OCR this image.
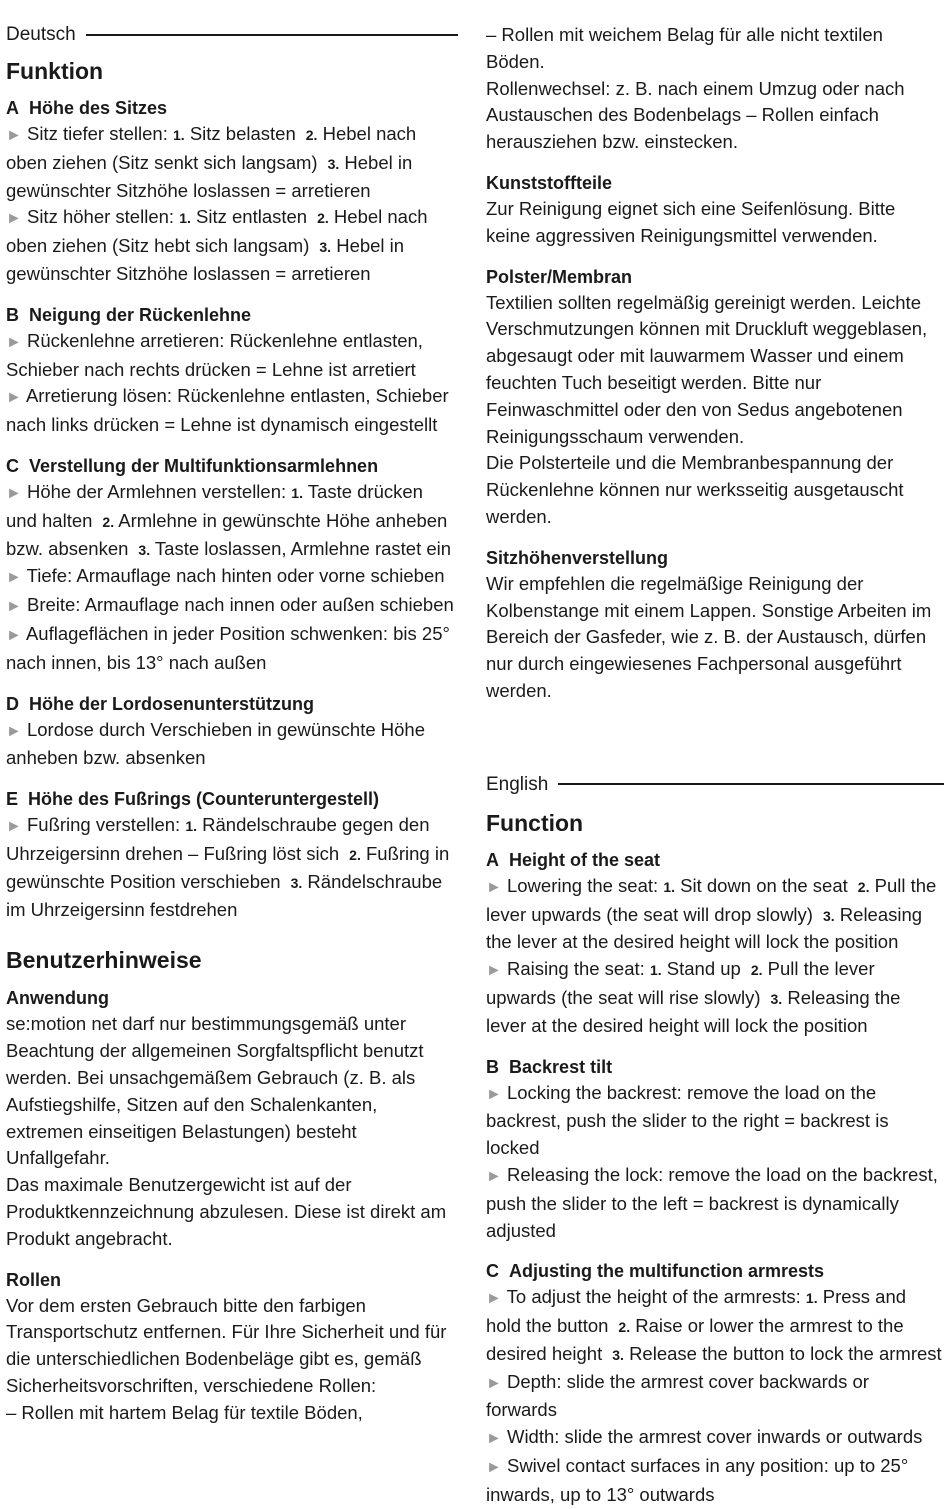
Deutsch
Funktion
A Höhe des Sitzes

► Sitz tiefer stellen: 1. Sitz belasten 2. Hebel nach oben ziehen (Sitz senkt sich langsam) 3. Hebel in gewünschter Sitzhöhe loslassen = arretieren

► Sitz höher stellen: 1. Sitz entlasten 2. Hebel nach oben ziehen (Sitz hebt sich langsam) 3. Hebel in gewünschter Sitzhöhe loslassen = arretieren

B Neigung der Rückenlehne

► Rückenlehne arretieren: Rückenlehne entlasten, Schieber nach rechts drücken = Lehne ist arretiert

► Arretierung lösen: Rückenlehne entlasten, Schieber nach links drücken = Lehne ist dynamisch eingestellt

C Verstellung der Multifunktionsarmlehnen

► Höhe der Armlehnen verstellen: 1. Taste drücken und halten 2. Armlehne in gewünschte Höhe anheben bzw. absenken 3. Taste loslassen, Armlehne rastet ein

► Tiefe: Armauflage nach hinten oder vorne schieben

► Breite: Armauflage nach innen oder außen schieben

► Auflageflächen in jeder Position schwenken: bis 25° nach innen, bis 13° nach außen

D Höhe der Lordosenunterstützung

► Lordose durch Verschieben in gewünschte Höhe anheben bzw. absenken

E Höhe des Fußrings (Counteruntergestell)

► Fußring verstellen: 1. Rändelschraube gegen den Uhrzeigersinn drehen – Fußring löst sich 2. Fußring in gewünschte Position verschieben 3. Rändelschraube im Uhrzeigersinn festdrehen

Benutzerhinweise
Anwendung

se:motion net darf nur bestimmungsgemäß unter Beachtung der allgemeinen Sorgfaltspflicht benutzt werden. Bei unsachgemäßem Gebrauch (z. B. als Aufstiegshilfe, Sitzen auf den Schalenkanten, extremen einseitigen Belastungen) besteht Unfallgefahr.

Das maximale Benutzergewicht ist auf der Produktkennzeichnung abzulesen. Diese ist direkt am Produkt angebracht.

Rollen

Vor dem ersten Gebrauch bitte den farbigen Transportschutz entfernen. Für Ihre Sicherheit und für die unterschiedlichen Bodenbeläge gibt es, gemäß Sicherheitsvorschriften, verschiedene Rollen:

– Rollen mit hartem Belag für textile Böden,

– Rollen mit weichem Belag für alle nicht textilen Böden.

Rollenwechsel: z. B. nach einem Umzug oder nach Austauschen des Bodenbelags – Rollen einfach herausziehen bzw. einstecken.

Kunststoffteile

Zur Reinigung eignet sich eine Seifenlösung. Bitte keine aggressiven Reinigungsmittel verwenden.

Polster/Membran

Textilien sollten regelmäßig gereinigt werden. Leichte Verschmutzungen können mit Druckluft weggeblasen, abgesaugt oder mit lauwarmem Wasser und einem feuchten Tuch beseitigt werden. Bitte nur Feinwaschmittel oder den von Sedus angebotenen Reinigungsschaum verwenden.

Die Polsterteile und die Membranbespannung der Rückenlehne können nur werksseitig ausgetauscht werden.

Sitzhöhenverstellung

Wir empfehlen die regelmäßige Reinigung der Kolbenstange mit einem Lappen. Sonstige Arbeiten im Bereich der Gasfeder, wie z. B. der Austausch, dürfen nur durch eingewiesenes Fachpersonal ausgeführt werden.

English
Function
A Height of the seat

► Lowering the seat: 1. Sit down on the seat 2. Pull the lever upwards (the seat will drop slowly) 3. Releasing the lever at the desired height will lock the position

► Raising the seat: 1. Stand up 2. Pull the lever upwards (the seat will rise slowly) 3. Releasing the lever at the desired height will lock the position

B Backrest tilt

► Locking the backrest: remove the load on the backrest, push the slider to the right = backrest is locked

► Releasing the lock: remove the load on the backrest, push the slider to the left = backrest is dynamically adjusted

C Adjusting the multifunction armrests

► To adjust the height of the armrests: 1. Press and hold the button 2. Raise or lower the armrest to the desired height 3. Release the button to lock the armrest

► Depth: slide the armrest cover backwards or forwards

► Width: slide the armrest cover inwards or outwards

► Swivel contact surfaces in any position: up to 25° inwards, up to 13° outwards
